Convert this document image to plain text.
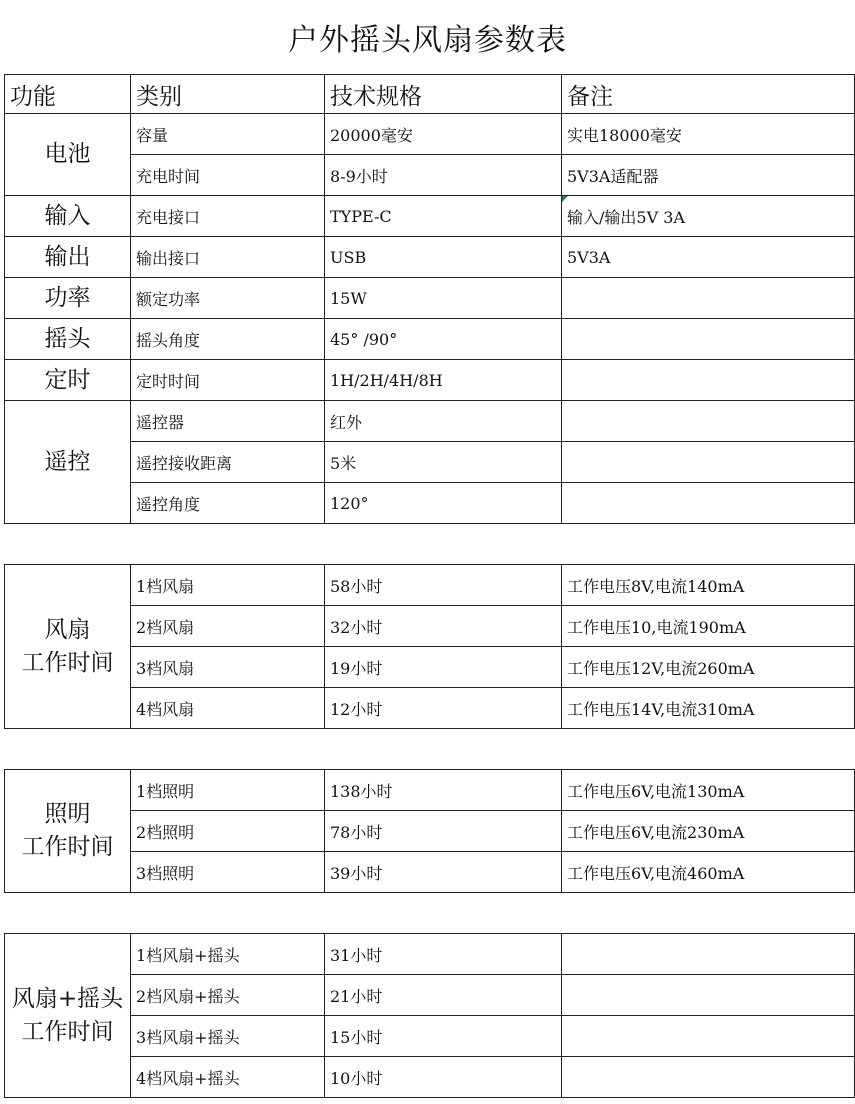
户外摇头风扇参数表
功能	类别	技术规格	备注
电池	容量	20000毫安	实电18000毫安
	充电时间	8-9小时	5V3A适配器
输入	充电接口	TYPE-C	输入/输出5V 3A
输出	输出接口	USB	5V3A
功率	额定功率	15W	
摇头	摇头角度	45° /90°	
定时	定时时间	1H/2H/4H/8H	
遥控	遥控器	红外	
	遥控接收距离	5米	
	遥控角度	120°	

风扇
工作时间	1档风扇	58小时	工作电压8V,电流140mA
	2档风扇	32小时	工作电压10,电流190mA
	3档风扇	19小时	工作电压12V,电流260mA
	4档风扇	12小时	工作电压14V,电流310mA

照明
工作时间	1档照明	138小时	工作电压6V,电流130mA
	2档照明	78小时	工作电压6V,电流230mA
	3档照明	39小时	工作电压6V,电流460mA

风扇+摇头
工作时间	1档风扇+摇头	31小时	
	2档风扇+摇头	21小时	
	3档风扇+摇头	15小时	
	4档风扇+摇头	10小时	
